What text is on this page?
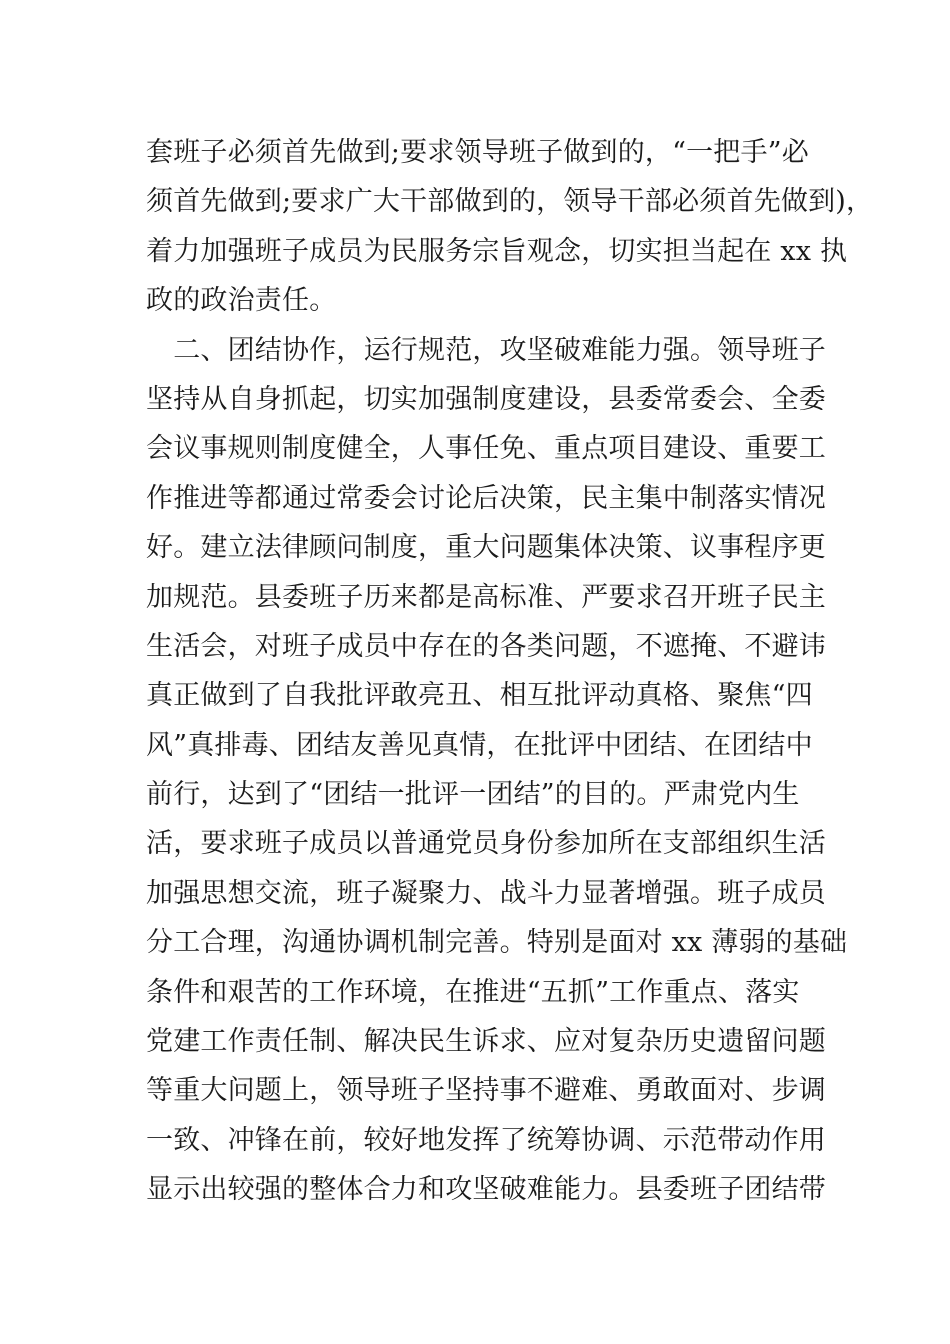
套班子必须首先做到;要求领导班子做到的，“一把手”必
须首先做到;要求广大干部做到的，领导干部必须首先做到)，
着力加强班子成员为民服务宗旨观念，切实担当起在 xx 执
政的政治责任。
　二、团结协作，运行规范，攻坚破难能力强。领导班子
坚持从自身抓起，切实加强制度建设，县委常委会、全委
会议事规则制度健全，人事任免、重点项目建设、重要工
作推进等都通过常委会讨论后决策，民主集中制落实情况
好。建立法律顾问制度，重大问题集体决策、议事程序更
加规范。县委班子历来都是高标准、严要求召开班子民主
生活会，对班子成员中存在的各类问题，不遮掩、不避讳
真正做到了自我批评敢亮丑、相互批评动真格、聚焦“四
风”真排毒、团结友善见真情，在批评中团结、在团结中
前行，达到了“团结一批评一团结”的目的。严肃党内生
活，要求班子成员以普通党员身份参加所在支部组织生活
加强思想交流，班子凝聚力、战斗力显著增强。班子成员
分工合理，沟通协调机制完善。特别是面对 xx 薄弱的基础
条件和艰苦的工作环境，在推进“五抓”工作重点、落实
党建工作责任制、解决民生诉求、应对复杂历史遗留问题
等重大问题上，领导班子坚持事不避难、勇敢面对、步调
一致、冲锋在前，较好地发挥了统筹协调、示范带动作用
显示出较强的整体合力和攻坚破难能力。县委班子团结带
